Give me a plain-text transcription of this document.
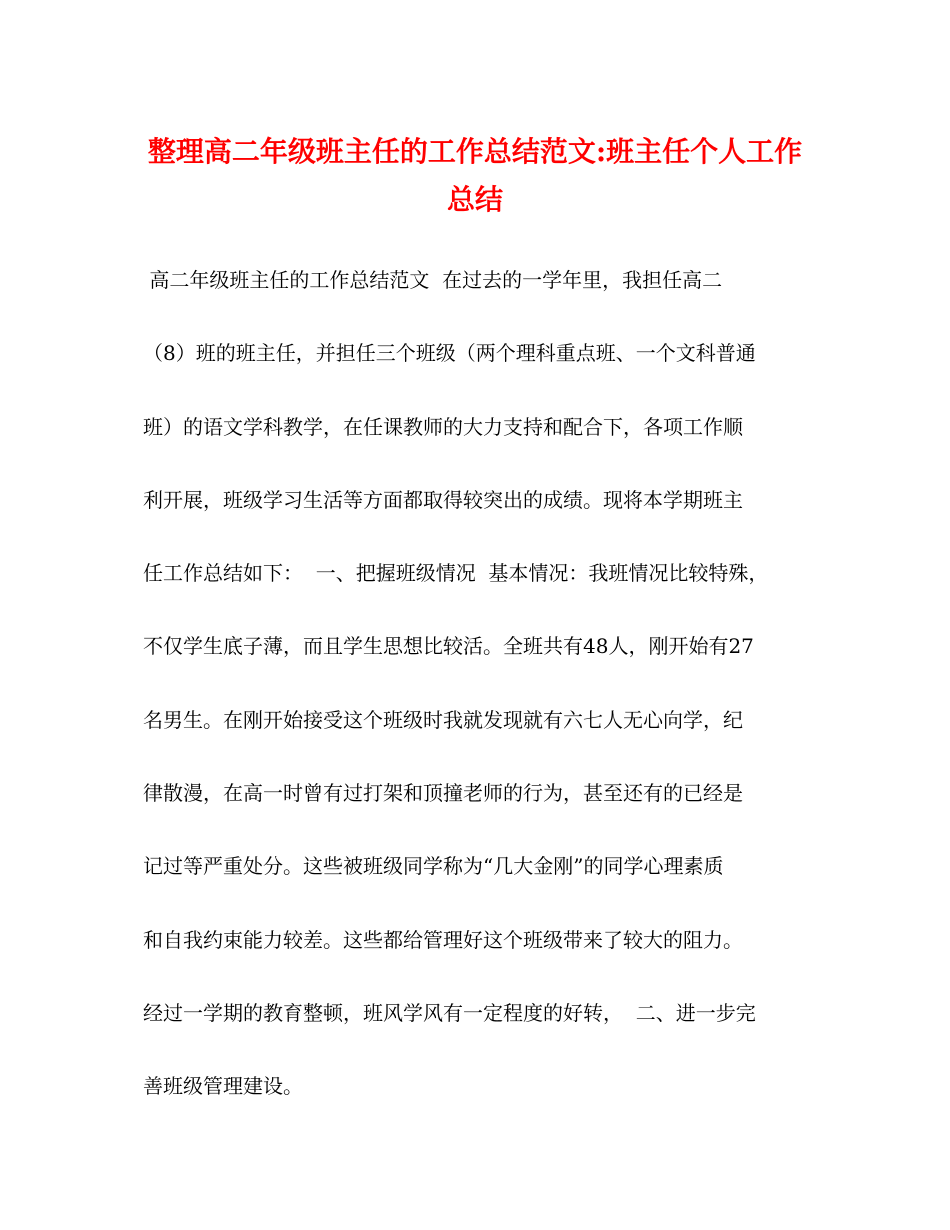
整理高二年级班主任的工作总结范文:班主任个人工作
总结
高二年级班主任的工作总结范文  在过去的一学年里，我担任高二
（8）班的班主任，并担任三个班级（两个理科重点班、一个文科普通
班）的语文学科教学，在任课教师的大力支持和配合下，各项工作顺
利开展，班级学习生活等方面都取得较突出的成绩。现将本学期班主
任工作总结如下：  一、把握班级情况  基本情况：我班情况比较特殊，
不仅学生底子薄，而且学生思想比较活。全班共有48人，刚开始有27
名男生。在刚开始接受这个班级时我就发现就有六七人无心向学，纪
律散漫，在高一时曾有过打架和顶撞老师的行为，甚至还有的已经是
记过等严重处分。这些被班级同学称为“几大金刚”的同学心理素质
和自我约束能力较差。这些都给管理好这个班级带来了较大的阻力。
经过一学期的教育整顿，班风学风有一定程度的好转，  二、进一步完
善班级管理建设。
